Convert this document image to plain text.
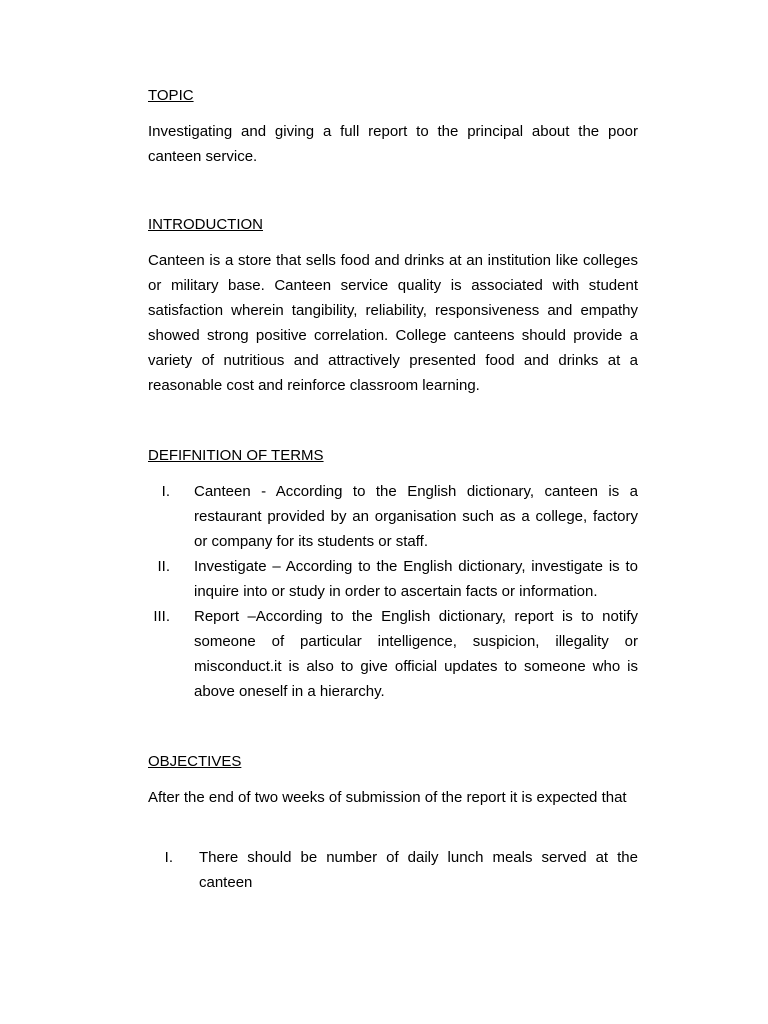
TOPIC

Investigating and giving a full report to the principal about the poor canteen service.

INTRODUCTION

Canteen is a store that sells food and drinks at an institution like colleges or military base. Canteen service quality is associated with student satisfaction wherein tangibility, reliability, responsiveness and empathy showed strong positive correlation. College canteens should provide a variety of nutritious and attractively presented food and drinks at a reasonable cost and reinforce classroom learning.

DEFIFNITION OF TERMS

I. Canteen - According to the English dictionary, canteen is a restaurant provided by an organisation such as a college, factory or company for its students or staff.
II. Investigate – According to the English dictionary, investigate is to inquire into or study in order to ascertain facts or information.
III. Report –According to the English dictionary, report is to notify someone of particular intelligence, suspicion, illegality or misconduct.it is also to give official updates to someone who is above oneself in a hierarchy.

OBJECTIVES

After the end of two weeks of submission of the report it is expected that

I. There should be number of daily lunch meals served at the canteen
